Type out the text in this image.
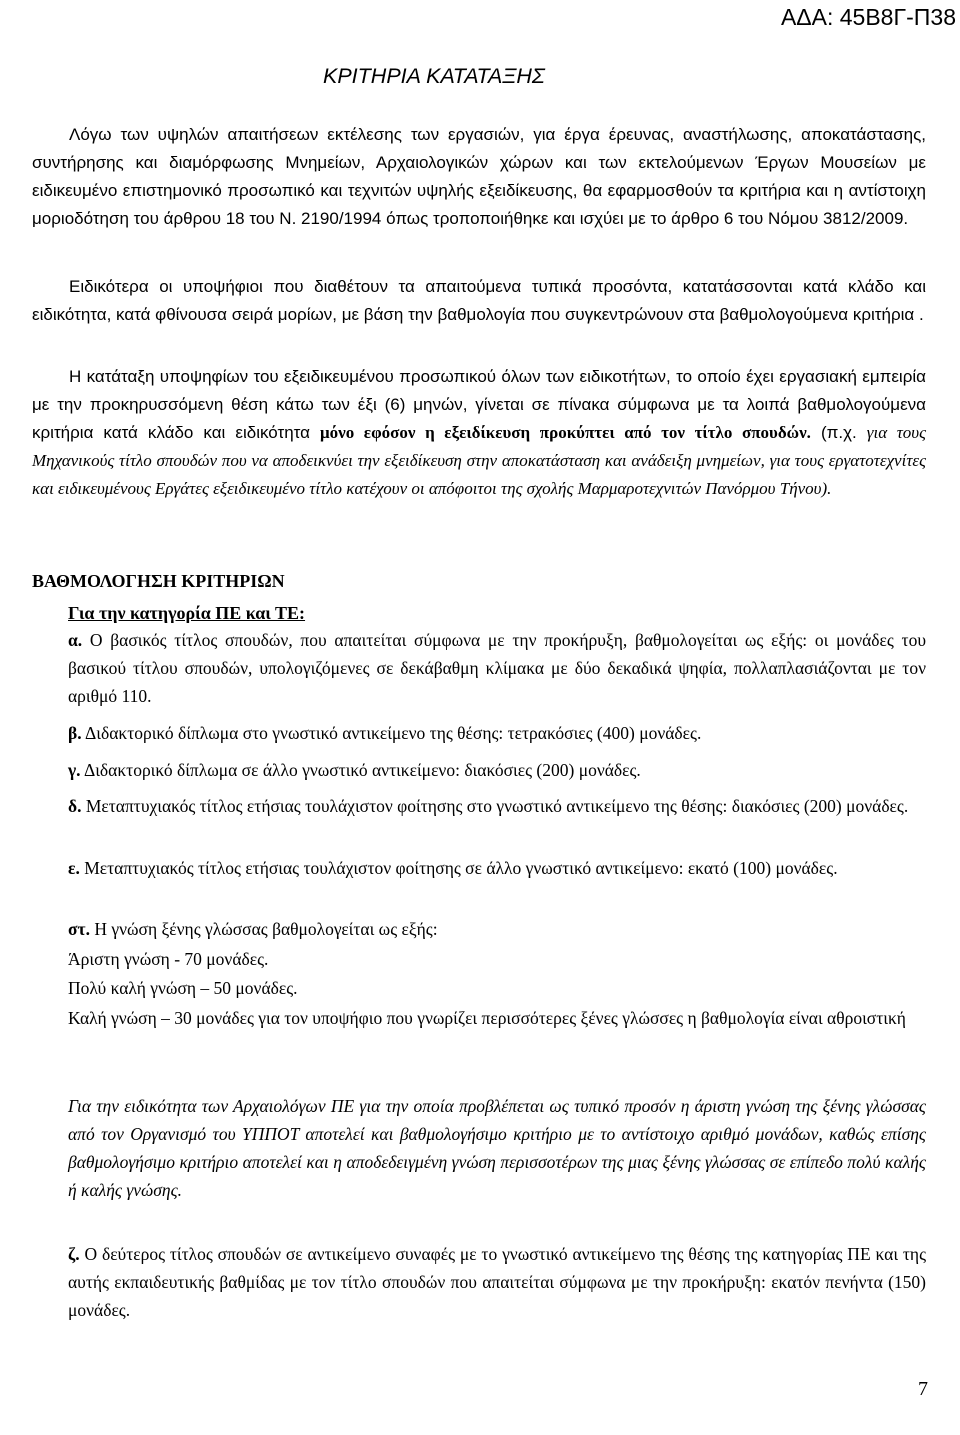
ΑΔΑ: 45Β8Γ-Π38
ΚΡΙΤΗΡΙΑ ΚΑΤΑΤΑΞΗΣ
Λόγω των υψηλών απαιτήσεων εκτέλεσης των εργασιών, για έργα έρευνας, αναστήλωσης, αποκατάστασης, συντήρησης και διαμόρφωσης Μνημείων, Αρχαιολογικών χώρων και των εκτελούμενων Έργων Μουσείων με ειδικευμένο επιστημονικό προσωπικό και τεχνιτών υψηλής εξειδίκευσης, θα εφαρμοσθούν τα κριτήρια και η αντίστοιχη μοριοδότηση του άρθρου 18 του Ν. 2190/1994 όπως τροποποιήθηκε και ισχύει με το άρθρο 6 του Νόμου 3812/2009.
Ειδικότερα οι υποψήφιοι που διαθέτουν τα απαιτούμενα τυπικά προσόντα, κατατάσσονται κατά κλάδο και ειδικότητα, κατά φθίνουσα σειρά μορίων, με βάση την βαθμολογία που συγκεντρώνουν στα βαθμολογούμενα κριτήρια .
Η κατάταξη υποψηφίων του εξειδικευμένου προσωπικού όλων των ειδικοτήτων, το οποίο έχει εργασιακή εμπειρία με την προκηρυσσόμενη θέση κάτω των έξι (6) μηνών, γίνεται σε πίνακα σύμφωνα με τα λοιπά βαθμολογούμενα κριτήρια κατά κλάδο και ειδικότητα μόνο εφόσον η εξειδίκευση προκύπτει από τον τίτλο σπουδών. (π.χ. για τους Μηχανικούς τίτλο σπουδών που να αποδεικνύει την εξειδίκευση στην αποκατάσταση και ανάδειξη μνημείων, για τους εργατοτεχνίτες και ειδικευμένους Εργάτες εξειδικευμένο τίτλο κατέχουν οι απόφοιτοι της σχολής Μαρμαροτεχνιτών Πανόρμου Τήνου).
ΒΑΘΜΟΛΟΓΗΣΗ ΚΡΙΤΗΡΙΩΝ
Για την κατηγορία ΠΕ και ΤΕ:
α. Ο βασικός τίτλος σπουδών, που απαιτείται σύμφωνα με την προκήρυξη, βαθμολογείται ως εξής: οι μονάδες του βασικού τίτλου σπουδών, υπολογιζόμενες σε δεκάβαθμη κλίμακα με δύο δεκαδικά ψηφία, πολλαπλασιάζονται με τον αριθμό 110.
β. Διδακτορικό δίπλωμα στο γνωστικό αντικείμενο της θέσης: τετρακόσιες (400) μονάδες.
γ. Διδακτορικό δίπλωμα σε άλλο γνωστικό αντικείμενο: διακόσιες (200) μονάδες.
δ. Μεταπτυχιακός τίτλος ετήσιας τουλάχιστον φοίτησης στο γνωστικό αντικείμενο της θέσης: διακόσιες (200) μονάδες.
ε. Μεταπτυχιακός τίτλος ετήσιας τουλάχιστον φοίτησης σε άλλο γνωστικό αντικείμενο: εκατό (100) μονάδες.
στ. Η γνώση ξένης γλώσσας βαθμολογείται ως εξής:
Άριστη γνώση - 70 μονάδες.
Πολύ καλή γνώση – 50 μονάδες.
Καλή γνώση – 30 μονάδες για τον υποψήφιο που γνωρίζει περισσότερες ξένες γλώσσες η βαθμολογία είναι αθροιστική
Για την ειδικότητα των Αρχαιολόγων ΠΕ για την οποία προβλέπεται ως τυπικό προσόν η άριστη γνώση της ξένης γλώσσας από τον Οργανισμό του ΥΠΠΟΤ αποτελεί και βαθμολογήσιμο κριτήριο με το αντίστοιχο αριθμό μονάδων, καθώς επίσης βαθμολογήσιμο κριτήριο αποτελεί και η αποδεδειγμένη γνώση περισσοτέρων της μιας ξένης γλώσσας σε επίπεδο πολύ καλής ή καλής γνώσης.
ζ. Ο δεύτερος τίτλος σπουδών σε αντικείμενο συναφές με το γνωστικό αντικείμενο της θέσης της κατηγορίας ΠΕ και της αυτής εκπαιδευτικής βαθμίδας με τον τίτλο σπουδών που απαιτείται σύμφωνα με την προκήρυξη: εκατόν πενήντα (150) μονάδες.
7
